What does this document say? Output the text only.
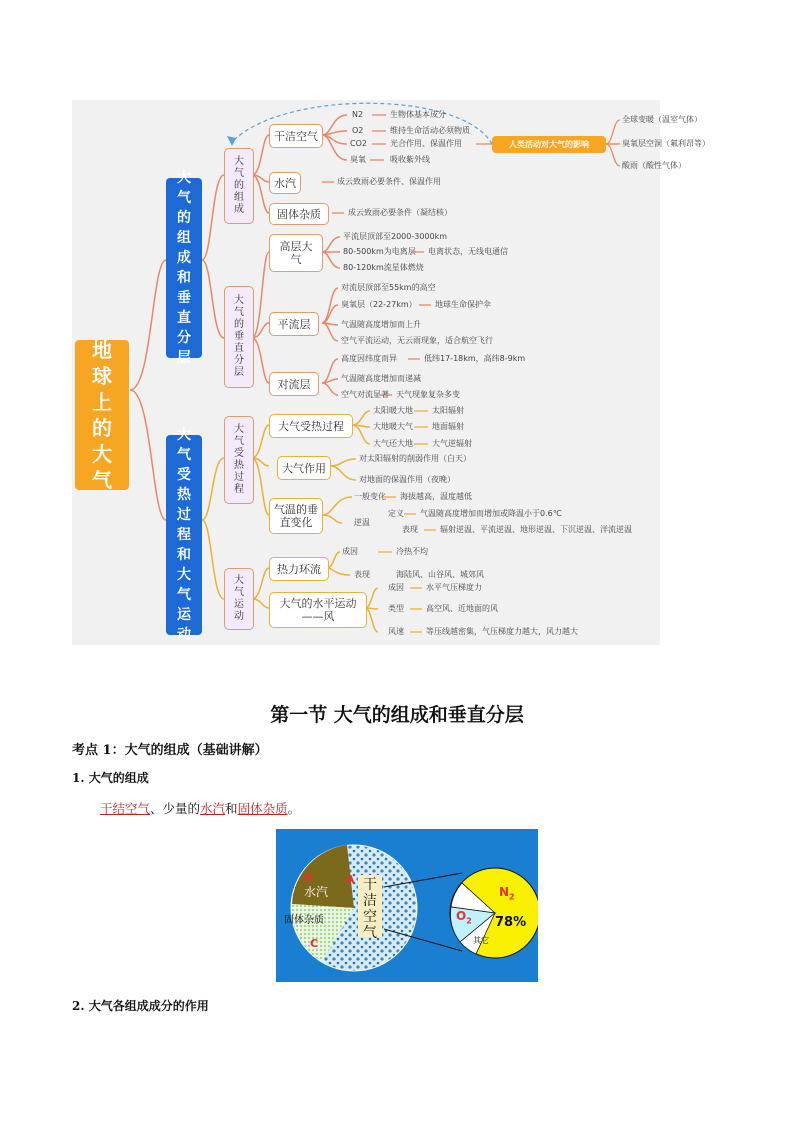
地球上的大气
大气的组成和垂直分层
大气受热过程和大气运动
大气的组成
大气的垂直分层
大气受热过程
大气运动
干洁空气
N2	生物体基本成分
O2	维持生命活动必须物质
CO2	光合作用、保温作用
臭氧	吸收紫外线
人类活动对大气的影响
全球变暖（温室气体）
臭氧层空洞（氟利昂等）
酸雨（酸性气体）
水汽	成云致雨必要条件、保温作用
固体杂质	成云致雨必要条件（凝结核）
高层大气
平流层顶部至2000-3000km
80-500km为电离层 电离状态，无线电通信
80-120km流星体燃烧
平流层
对流层顶部至55km的高空
臭氧层（22-27km） 地球生命保护伞
气温随高度增加而上升
空气平流运动，无云雨现象，适合航空飞行
对流层
高度因纬度而异	低纬17-18km，高纬8-9km
气温随高度增加而递减
空气对流显著 天气现象复杂多变
大气受热过程
太阳暖大地 太阳辐射
大地暖大气 地面辐射
大气还大地 大气逆辐射
大气作用
对太阳辐射的削弱作用（白天）
对地面的保温作用（夜晚）
气温的垂直变化
一般变化 海拔越高，温度越低
逆温
定义 气温随高度增加而增加或降温小于0.6℃
表现	辐射逆温、平流逆温、地形逆温、下沉逆温、洋流逆温
热力环流
成因	冷热不均
表现	海陆风、山谷风、城郊风
大气的水平运动——风
成因	水平气压梯度力
类型	高空风、近地面的风
风速	等压线越密集，气压梯度力越大，风力越大
第一节 大气的组成和垂直分层
考点 1：大气的组成（基础讲解）
1. 大气的组成
干结空气、少量的水汽和固体杂质。
B
水汽
A
固体杂质
C
干洁空气
$N_2$
78%
$O_2$
其它
2. 大气各组成成分的作用
